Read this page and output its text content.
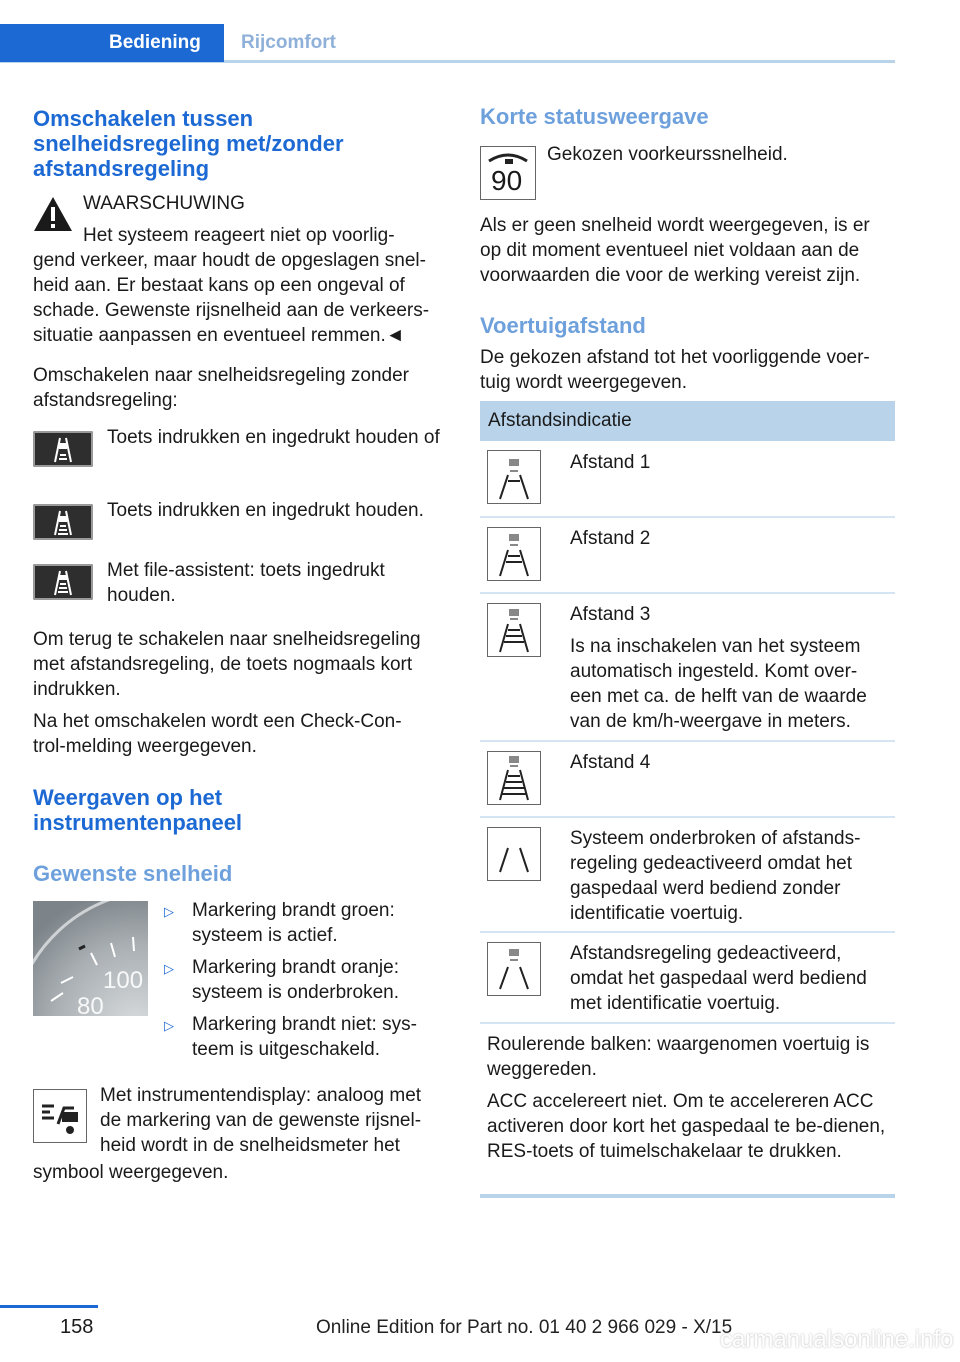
Bediening	Rijcomfort
Omschakelen tussen snelheidsregeling met/zonder afstandsregeling
WAARSCHUWING
Het systeem reageert niet op voorlig-
gend verkeer, maar houdt de opgeslagen snel-heid aan. Er bestaat kans op een ongeval of schade. Gewenste rijsnelheid aan de verkeers-situatie aanpassen en eventueel remmen.◄
Omschakelen naar snelheidsregeling zonder afstandsregeling:
Toets indrukken en ingedrukt houden of
Toets indrukken en ingedrukt houden.
Met file-assistent: toets ingedrukt houden.
Om terug te schakelen naar snelheidsregeling met afstandsregeling, de toets nogmaals kort indrukken.
Na het omschakelen wordt een Check-Con-trol-melding weergegeven.
Weergaven op het instrumentenpaneel
Gewenste snelheid
100
80
▷ Markering brandt groen: systeem is actief.
▷ Markering brandt oranje: systeem is onderbroken.
▷ Markering brandt niet: sys-teem is uitgeschakeld.
Met instrumentendisplay: analoog met de markering van de gewenste rijsnel-heid wordt in de snelheidsmeter het
symbool weergegeven.
Korte statusweergave
90
Gekozen voorkeurssnelheid.
Als er geen snelheid wordt weergegeven, is er op dit moment eventueel niet voldaan aan de voorwaarden die voor de werking vereist zijn.
Voertuigafstand
De gekozen afstand tot het voorliggende voer-tuig wordt weergegeven.
Afstandsindicatie
Afstand 1
Afstand 2
Afstand 3
Is na inschakelen van het systeem automatisch ingesteld. Komt over-een met ca. de helft van de waarde van de km/h-weergave in meters.
Afstand 4
Systeem onderbroken of afstands-regeling gedeactiveerd omdat het gaspedaal werd bediend zonder identificatie voertuig.
Afstandsregeling gedeactiveerd, omdat het gaspedaal werd bediend met identificatie voertuig.
Roulerende balken: waargenomen voertuig is weggereden.
ACC accelereert niet. Om te accelereren ACC activeren door kort het gaspedaal te be-dienen, RES-toets of tuimelschakelaar te drukken.
158	Online Edition for Part no. 01 40 2 966 029 - X/15
carmanualsonline.info
